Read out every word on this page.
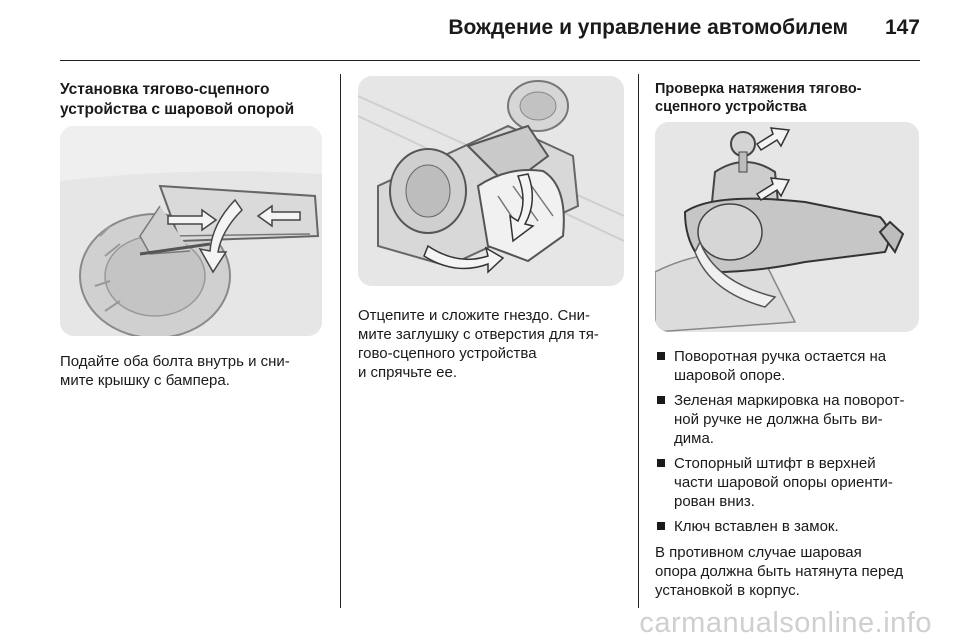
Вождение и управление автомобилем 147
Установка тягово-сцепного
устройства с шаровой опорой

Подайте оба болта внутрь и сни-
мите крышку с бампера.

Отцепите и сложите гнездо. Сни-
мите заглушку с отверстия для тя-
гово-сцепного устройства
и спрячьте ее.

Проверка натяжения тягово-
сцепного устройства
Поворотная ручка остается на
шаровой опоре.
Зеленая маркировка на поворот-
ной ручке не должна быть ви-
дима.
Стопорный штифт в верхней
части шаровой опоры ориенти-
рован вниз.
Ключ вставлен в замок.

В противном случае шаровая
опора должна быть натянута перед
установкой в корпус.

carmanualsonline.info
